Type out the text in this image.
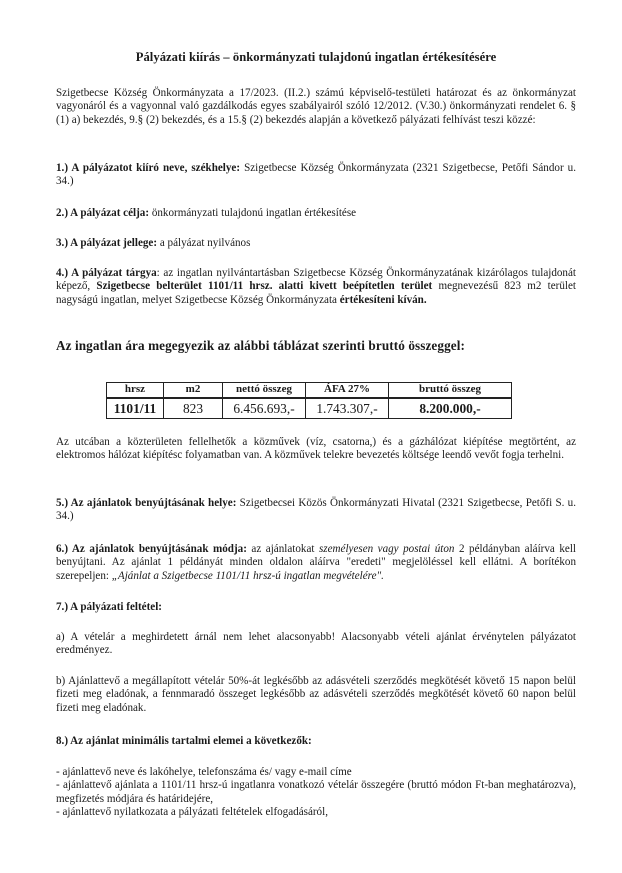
Pályázati kiírás – önkormányzati tulajdonú ingatlan értékesítésére

Szigetbecse Község Önkormányzata a 17/2023. (II.2.) számú képviselő-testületi határozat és az önkormányzat vagyonáról és a vagyonnal való gazdálkodás egyes szabályairól szóló 12/2012. (V.30.) önkormányzati rendelet 6. § (1) a) bekezdés, 9.§ (2) bekezdés, és a 15.§ (2) bekezdés alapján a következő pályázati felhívást teszi közzé:

1.) A pályázatot kiíró neve, székhelye: Szigetbecse Község Önkormányzata (2321 Szigetbecse, Petőfi Sándor u. 34.)

2.) A pályázat célja: önkormányzati tulajdonú ingatlan értékesítése

3.) A pályázat jellege: a pályázat nyilvános

4.) A pályázat tárgya: az ingatlan nyilvántartásban Szigetbecse Község Önkormányzatának kizárólagos tulajdonát képező, Szigetbecse belterület 1101/11 hrsz. alatti kivett beépítetlen terület megnevezésű 823 m2 terület nagyságú ingatlan, melyet Szigetbecse Község Önkormányzata értékesíteni kíván.

Az ingatlan ára megegyezik az alábbi táblázat szerinti bruttó összeggel:
hrsz	m2	nettó összeg	ÁFA 27%	bruttó összeg
1101/11	823	6.456.693,-	1.743.307,-	8.200.000,-

Az utcában a közterületen fellelhetők a közművek (víz, csatorna,) és a gázhálózat kiépítése megtörtént, az elektromos hálózat kiépítésc folyamatban van. A közművek telekre bevezetés költsége leendő vevőt fogja terhelni.

5.) Az ajánlatok benyújtásának helye: Szigetbecsei Közös Önkormányzati Hivatal (2321 Szigetbecse, Petőfi S. u. 34.)

6.) Az ajánlatok benyújtásának módja: az ajánlatokat személyesen vagy postai úton 2 példányban aláírva kell benyújtani. Az ajánlat 1 példányát minden oldalon aláírva "eredeti" megjelöléssel kell ellátni. A borítékon szerepeljen: „Ajánlat a Szigetbecse 1101/11 hrsz-ú ingatlan megvételére".

7.) A pályázati feltétel:

a) A vételár a meghirdetett árnál nem lehet alacsonyabb! Alacsonyabb vételi ajánlat érvénytelen pályázatot eredményez.

b) Ajánlattevő a megállapított vételár 50%-át legkésőbb az adásvételi szerződés megkötését követő 15 napon belül fizeti meg eladónak, a fennmaradó összeget legkésőbb az adásvételi szerződés megkötését követő 60 napon belül fizeti meg eladónak.

8.) Az ajánlat minimális tartalmi elemei a következők:

- ajánlattevő neve és lakóhelye, telefonszáma és/ vagy e-mail címe

- ajánlattevő ajánlata a 1101/11 hrsz-ú ingatlanra vonatkozó vételár összegére (bruttó módon Ft-ban meghatározva), megfizetés módjára és határidejére,

- ajánlattevő nyilatkozata a pályázati feltételek elfogadásáról,
